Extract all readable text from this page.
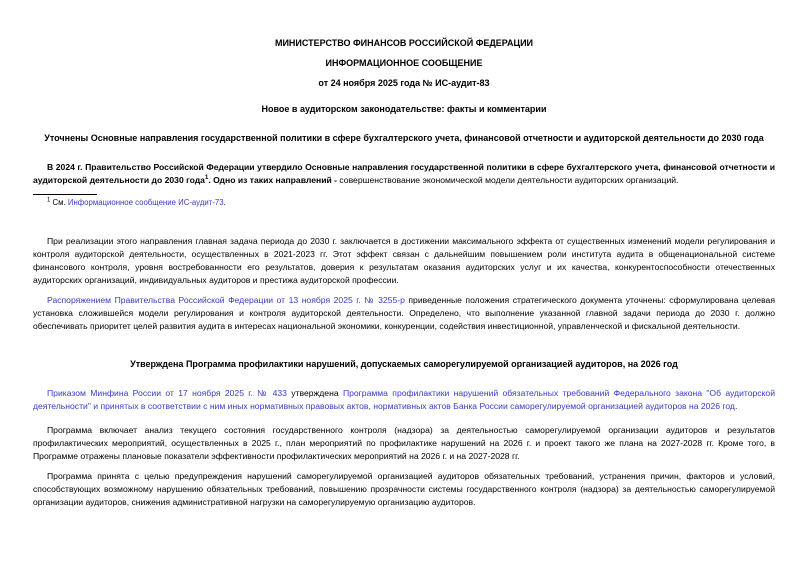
МИНИСТЕРСТВО ФИНАНСОВ РОССИЙСКОЙ ФЕДЕРАЦИИ
ИНФОРМАЦИОННОЕ СООБЩЕНИЕ
от 24 ноября 2025 года № ИС-аудит-83
Новое в аудиторском законодательстве: факты и комментарии
Уточнены Основные направления государственной политики в сфере бухгалтерского учета, финансовой отчетности и аудиторской деятельности до 2030 года
В 2024 г. Правительство Российской Федерации утвердило Основные направления государственной политики в сфере бухгалтерского учета, финансовой отчетности и аудиторской деятельности до 2030 года$^1$. Одно из таких направлений - совершенствование экономической модели деятельности аудиторских организаций.
$^1$ См. Информационное сообщение ИС-аудит-73.
При реализации этого направления главная задача периода до 2030 г. заключается в достижении максимального эффекта от существенных изменений модели регулирования и контроля аудиторской деятельности, осуществленных в 2021-2023 гг. Этот эффект связан с дальнейшим повышением роли института аудита в общенациональной системе финансового контроля, уровня востребованности его результатов, доверия к результатам оказания аудиторских услуг и их качества, конкурентоспособности отечественных аудиторских организаций, индивидуальных аудиторов и престижа аудиторской профессии.
Распоряжением Правительства Российской Федерации от 13 ноября 2025 г. № 3255-р приведенные положения стратегического документа уточнены: сформулирована целевая установка сложившейся модели регулирования и контроля аудиторской деятельности. Определено, что выполнение указанной главной задачи периода до 2030 г. должно обеспечивать приоритет целей развития аудита в интересах национальной экономики, конкуренции, содействия инвестиционной, управленческой и фискальной деятельности.
Утверждена Программа профилактики нарушений, допускаемых саморегулируемой организацией аудиторов, на 2026 год
Приказом Минфина России от 17 ноября 2025 г. № 433 утверждена Программа профилактики нарушений обязательных требований Федерального закона "Об аудиторской деятельности" и принятых в соответствии с ним иных нормативных правовых актов, нормативных актов Банка России саморегулируемой организацией аудиторов на 2026 год.
Программа включает анализ текущего состояния государственного контроля (надзора) за деятельностью саморегулируемой организации аудиторов и результатов профилактических мероприятий, осуществленных в 2025 г., план мероприятий по профилактике нарушений на 2026 г. и проект такого же плана на 2027-2028 гг. Кроме того, в Программе отражены плановые показатели эффективности профилактических мероприятий на 2026 г. и на 2027-2028 гг.
Программа принята с целью предупреждения нарушений саморегулируемой организацией аудиторов обязательных требований, устранения причин, факторов и условий, способствующих возможному нарушению обязательных требований, повышению прозрачности системы государственного контроля (надзора) за деятельностью саморегулируемой организации аудиторов, снижения административной нагрузки на саморегулируемую организацию аудиторов.
